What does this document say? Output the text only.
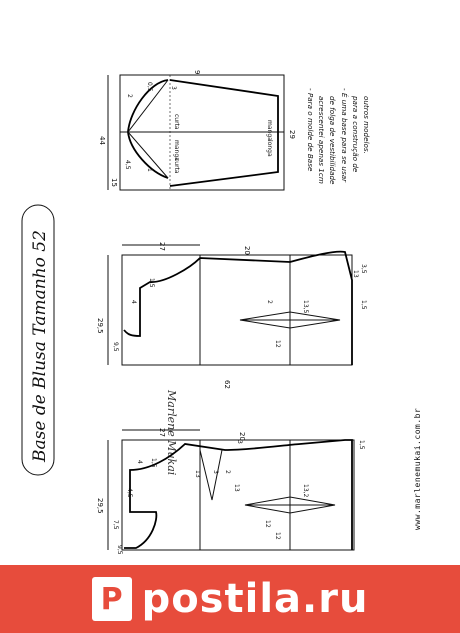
Base de Blusa Tamanho 52
44
9
2
0,5	3
curta	manga
longa
29
4,5
1
15
manga
curta	- Para o molde de Base acrescentei apenas 1cm de folga de vestibilidade - É uma base para se usar para a construção de outros modelos.
27
29,5
9,5
4
1,5
2
12
62
20
13
3,5
13,5	1,5
Marlene Mukai
29,5
7,5
4,5
4 1,5
27
13 3 2
13
12
12
13,2
1,5
3
9,5
20	www.marlenemukai.com.br
P postila.ru
